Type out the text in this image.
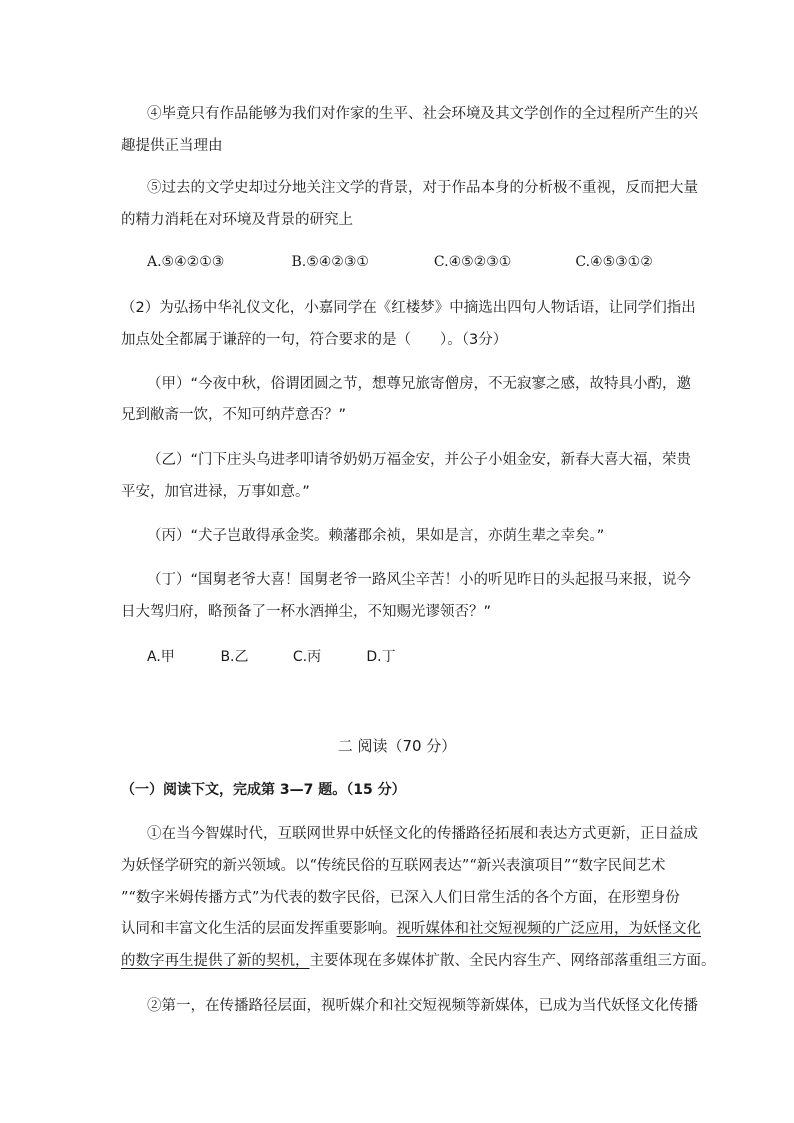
④毕竟只有作品能够为我们对作家的生平、社会环境及其文学创作的全过程所产生的兴
趣提供正当理由
⑤过去的文学史却过分地关注文学的背景，对于作品本身的分析极不重视，反而把大量
的精力消耗在对环境及背景的研究上
A.⑤④②①③	B.⑤④②③①	C.④⑤②③①	C.④⑤③①②
（2）为弘扬中华礼仪文化，小嘉同学在《红楼梦》中摘选出四句人物话语，让同学们指出
加点处全都属于谦辞的一句，符合要求的是（　　）。（3分）
（甲）“今夜中秋，俗谓团圆之节，想尊兄旅寄僧房，不无寂寥之感，故特具小酌，邀
兄到敝斋一饮，不知可纳芹意否？”
（乙）“门下庄头乌进孝叩请爷奶奶万福金安，并公子小姐金安，新春大喜大福，荣贵
平安，加官进禄，万事如意。”
（丙）“犬子岂敢得承金奖。赖藩郡余祯，果如是言，亦荫生辈之幸矣。”
（丁）“国舅老爷大喜！国舅老爷一路风尘辛苦！小的听见昨日的头起报马来报，说今
日大驾归府，略预备了一杯水酒掸尘，不知赐光谬领否？”
A.甲	B.乙	C.丙	D.丁
二 阅读（70 分）
（一）阅读下文，完成第 3—7 题。（15 分）
①在当今智媒时代，互联网世界中妖怪文化的传播路径拓展和表达方式更新，正日益成
为妖怪学研究的新兴领域。以“传统民俗的互联网表达”“新兴表演项目”“数字民间艺术
”“数字米姆传播方式”为代表的数字民俗，已深入人们日常生活的各个方面，在形塑身份
认同和丰富文化生活的层面发挥重要影响。视听媒体和社交短视频的广泛应用，为妖怪文化
的数字再生提供了新的契机，主要体现在多媒体扩散、全民内容生产、网络部落重组三方面。
②第一，在传播路径层面，视听媒介和社交短视频等新媒体，已成为当代妖怪文化传播
